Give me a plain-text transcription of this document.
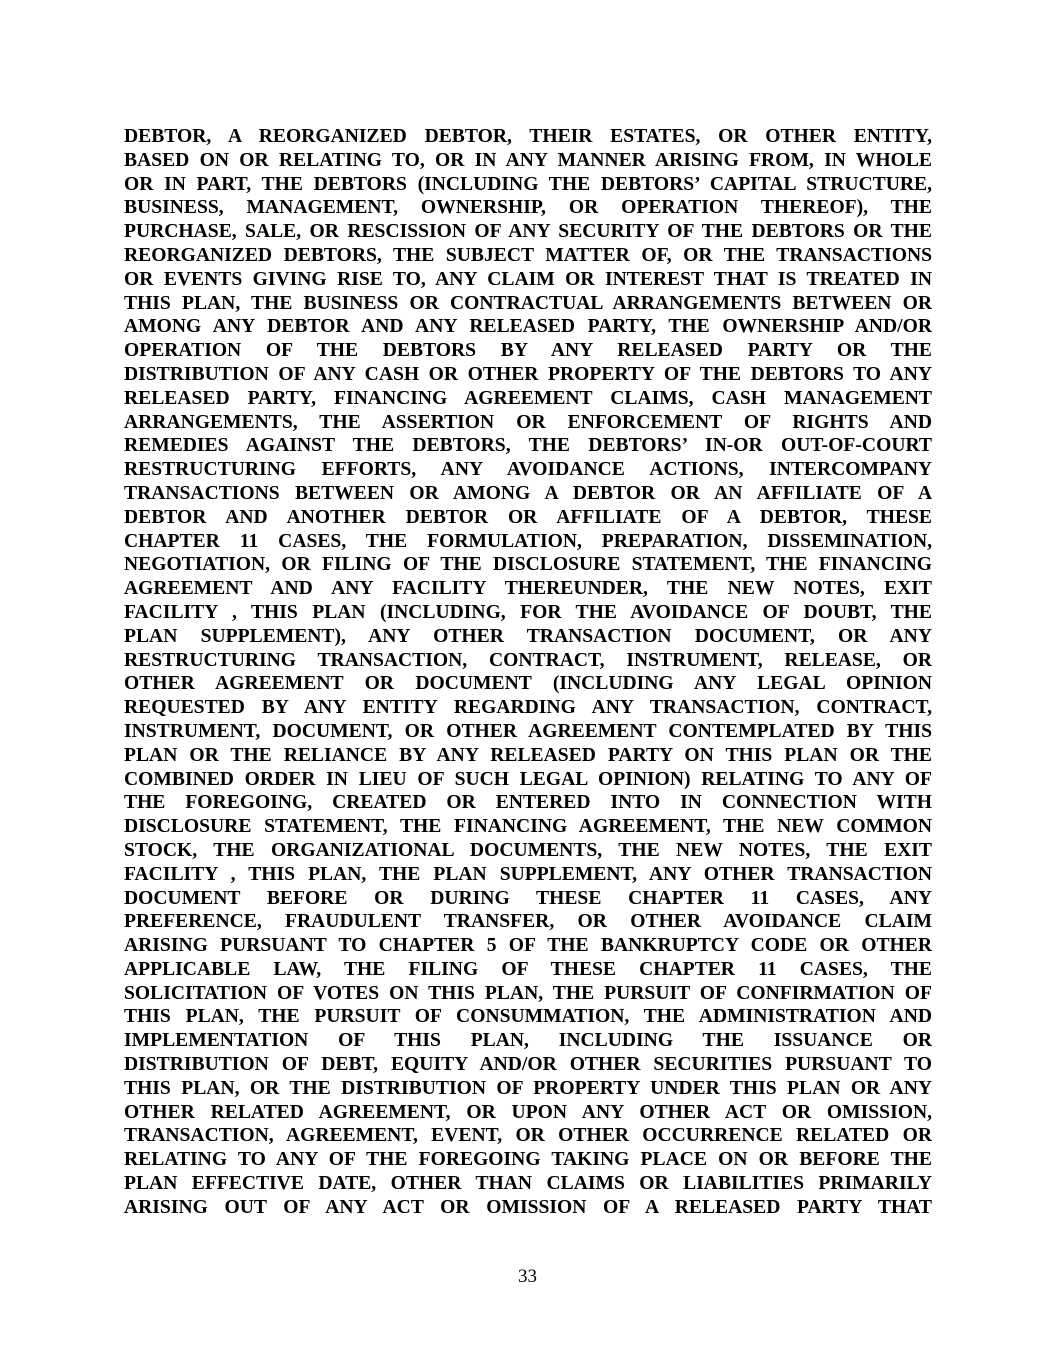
DEBTOR, A REORGANIZED DEBTOR, THEIR ESTATES, OR OTHER ENTITY,
BASED ON OR RELATING TO, OR IN ANY MANNER ARISING FROM, IN WHOLE
OR IN PART, THE DEBTORS (INCLUDING THE DEBTORS’ CAPITAL STRUCTURE,
BUSINESS, MANAGEMENT, OWNERSHIP, OR OPERATION THEREOF), THE
PURCHASE, SALE, OR RESCISSION OF ANY SECURITY OF THE DEBTORS OR THE
REORGANIZED DEBTORS, THE SUBJECT MATTER OF, OR THE TRANSACTIONS
OR EVENTS GIVING RISE TO, ANY CLAIM OR INTEREST THAT IS TREATED IN
THIS PLAN, THE BUSINESS OR CONTRACTUAL ARRANGEMENTS BETWEEN OR
AMONG ANY DEBTOR AND ANY RELEASED PARTY, THE OWNERSHIP AND/OR
OPERATION OF THE DEBTORS BY ANY RELEASED PARTY OR THE
DISTRIBUTION OF ANY CASH OR OTHER PROPERTY OF THE DEBTORS TO ANY
RELEASED PARTY, FINANCING AGREEMENT CLAIMS, CASH MANAGEMENT
ARRANGEMENTS, THE ASSERTION OR ENFORCEMENT OF RIGHTS AND
REMEDIES AGAINST THE DEBTORS, THE DEBTORS’ IN-OR OUT-OF-COURT
RESTRUCTURING EFFORTS, ANY AVOIDANCE ACTIONS, INTERCOMPANY
TRANSACTIONS BETWEEN OR AMONG A DEBTOR OR AN AFFILIATE OF A
DEBTOR AND ANOTHER DEBTOR OR AFFILIATE OF A DEBTOR, THESE
CHAPTER 11 CASES, THE FORMULATION, PREPARATION, DISSEMINATION,
NEGOTIATION, OR FILING OF THE DISCLOSURE STATEMENT, THE FINANCING
AGREEMENT AND ANY FACILITY THEREUNDER, THE NEW NOTES, EXIT
FACILITY , THIS PLAN (INCLUDING, FOR THE AVOIDANCE OF DOUBT, THE
PLAN SUPPLEMENT), ANY OTHER TRANSACTION DOCUMENT, OR ANY
RESTRUCTURING TRANSACTION, CONTRACT, INSTRUMENT, RELEASE, OR
OTHER AGREEMENT OR DOCUMENT (INCLUDING ANY LEGAL OPINION
REQUESTED BY ANY ENTITY REGARDING ANY TRANSACTION, CONTRACT,
INSTRUMENT, DOCUMENT, OR OTHER AGREEMENT CONTEMPLATED BY THIS
PLAN OR THE RELIANCE BY ANY RELEASED PARTY ON THIS PLAN OR THE
COMBINED ORDER IN LIEU OF SUCH LEGAL OPINION) RELATING TO ANY OF
THE FOREGOING, CREATED OR ENTERED INTO IN CONNECTION WITH
DISCLOSURE STATEMENT, THE FINANCING AGREEMENT, THE NEW COMMON
STOCK, THE ORGANIZATIONAL DOCUMENTS, THE NEW NOTES, THE EXIT
FACILITY , THIS PLAN, THE PLAN SUPPLEMENT, ANY OTHER TRANSACTION
DOCUMENT BEFORE OR DURING THESE CHAPTER 11 CASES, ANY
PREFERENCE, FRAUDULENT TRANSFER, OR OTHER AVOIDANCE CLAIM
ARISING PURSUANT TO CHAPTER 5 OF THE BANKRUPTCY CODE OR OTHER
APPLICABLE LAW, THE FILING OF THESE CHAPTER 11 CASES, THE
SOLICITATION OF VOTES ON THIS PLAN, THE PURSUIT OF CONFIRMATION OF
THIS PLAN, THE PURSUIT OF CONSUMMATION, THE ADMINISTRATION AND
IMPLEMENTATION OF THIS PLAN, INCLUDING THE ISSUANCE OR
DISTRIBUTION OF DEBT, EQUITY AND/OR OTHER SECURITIES PURSUANT TO
THIS PLAN, OR THE DISTRIBUTION OF PROPERTY UNDER THIS PLAN OR ANY
OTHER RELATED AGREEMENT, OR UPON ANY OTHER ACT OR OMISSION,
TRANSACTION, AGREEMENT, EVENT, OR OTHER OCCURRENCE RELATED OR
RELATING TO ANY OF THE FOREGOING TAKING PLACE ON OR BEFORE THE
PLAN EFFECTIVE DATE, OTHER THAN CLAIMS OR LIABILITIES PRIMARILY
ARISING OUT OF ANY ACT OR OMISSION OF A RELEASED PARTY THAT
33
